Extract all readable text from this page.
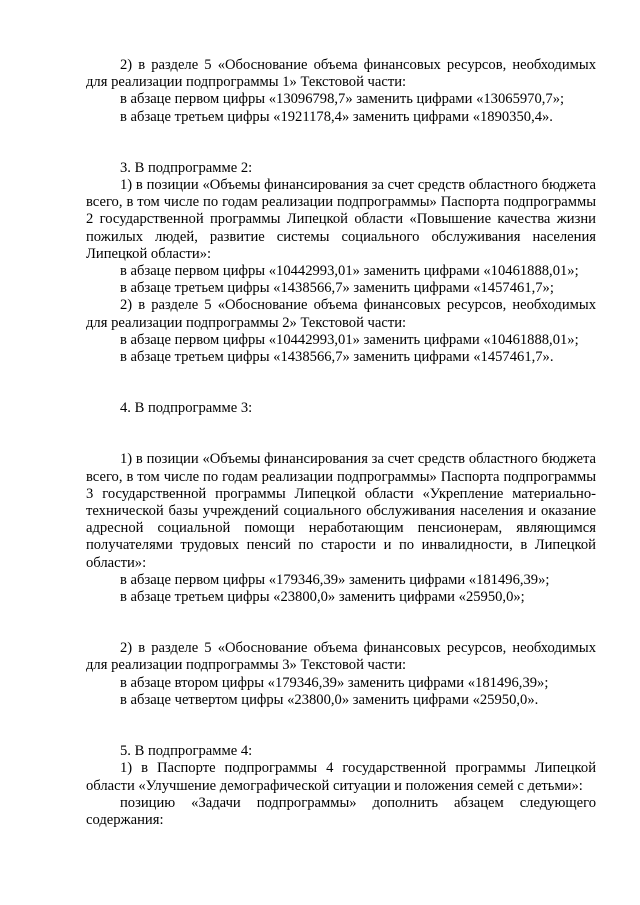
2) в разделе 5 «Обоснование объема финансовых ресурсов, необходимых для реализации подпрограммы 1» Текстовой части:

в абзаце первом цифры «13096798,7» заменить цифрами «13065970,7»;

в абзаце третьем цифры «1921178,4» заменить цифрами «1890350,4».

3. В подпрограмме 2:

1) в позиции «Объемы финансирования за счет средств областного бюджета всего, в том числе по годам реализации подпрограммы» Паспорта подпрограммы 2 государственной программы Липецкой области «Повышение качества жизни пожилых людей, развитие системы социального обслуживания населения Липецкой области»:

в абзаце первом цифры «10442993,01» заменить цифрами «10461888,01»;

в абзаце третьем цифры «1438566,7» заменить цифрами «1457461,7»;

2) в разделе 5 «Обоснование объема финансовых ресурсов, необходимых для реализации подпрограммы 2» Текстовой части:

в абзаце первом цифры «10442993,01» заменить цифрами «10461888,01»;

в абзаце третьем цифры «1438566,7» заменить цифрами «1457461,7».

4. В подпрограмме 3:

1) в позиции «Объемы финансирования за счет средств областного бюджета всего, в том числе по годам реализации подпрограммы» Паспорта подпрограммы 3 государственной программы Липецкой области «Укрепление материально-технической базы учреждений социального обслуживания населения и оказание адресной социальной помощи неработающим пенсионерам, являющимся получателями трудовых пенсий по старости и по инвалидности, в Липецкой области»:

в абзаце первом цифры «179346,39» заменить цифрами «181496,39»;

в абзаце третьем цифры «23800,0» заменить цифрами «25950,0»;

2) в разделе 5 «Обоснование объема финансовых ресурсов, необходимых для реализации подпрограммы 3» Текстовой части:

в абзаце втором цифры «179346,39» заменить цифрами «181496,39»;

в абзаце четвертом цифры «23800,0» заменить цифрами «25950,0».

5. В подпрограмме 4:

1) в Паспорте подпрограммы 4 государственной программы Липецкой области «Улучшение демографической ситуации и положения семей с детьми»:

позицию «Задачи подпрограммы» дополнить абзацем следующего содержания:
